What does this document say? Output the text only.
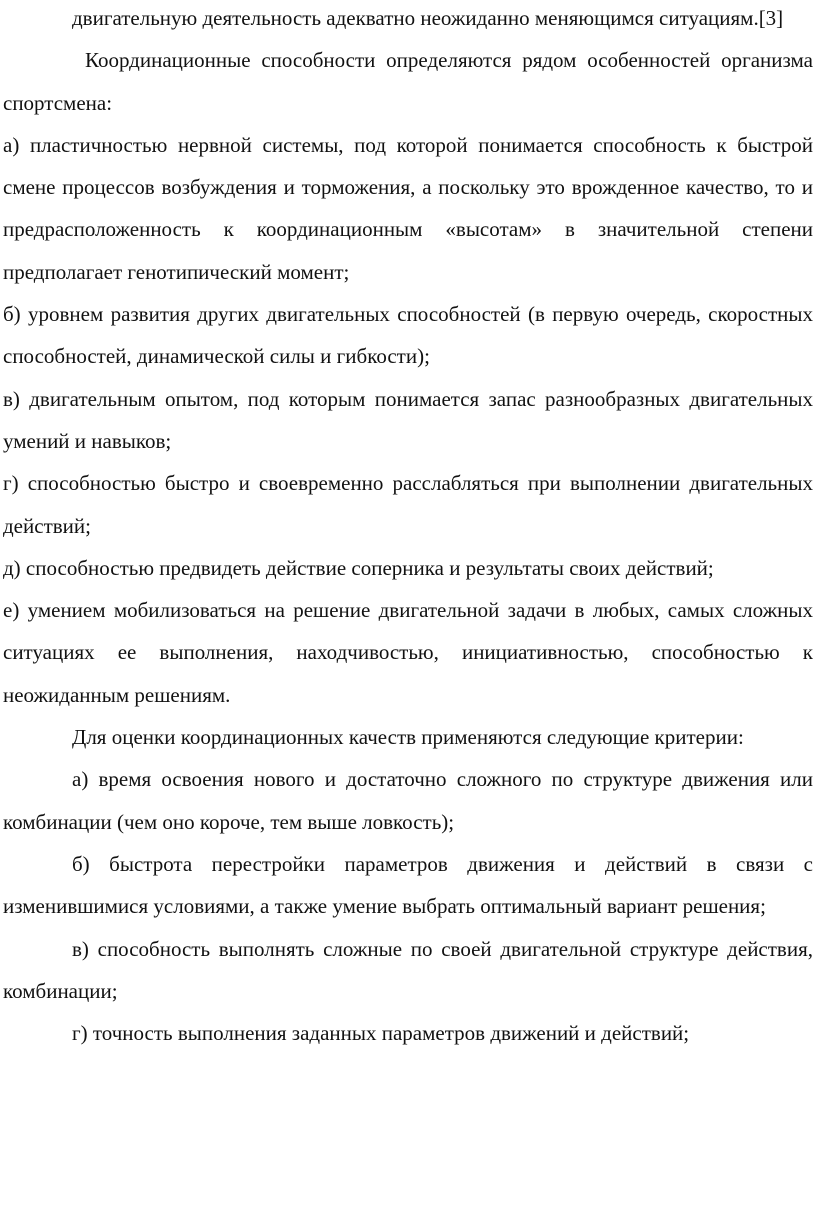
двигательную деятельность адекватно неожиданно меняющимся ситуациям.[3]

Координационные способности определяются рядом особенностей организма спортсмена:

а) пластичностью нервной системы, под которой понимается способность к быстрой смене процессов возбуждения и торможения, а поскольку это врожденное качество, то и предрасположенность к координационным «высотам» в значительной степени предполагает генотипический момент;

б) уровнем развития других двигательных способностей (в первую очередь, скоростных способностей, динамической силы и гибкости);

в) двигательным опытом, под которым понимается запас разнообразных двигательных умений и навыков;

г) способностью быстро и своевременно расслабляться при выполнении двигательных действий;

д) способностью предвидеть действие соперника и результаты своих действий;

е) умением мобилизоваться на решение двигательной задачи в любых, самых сложных ситуациях ее выполнения, находчивостью, инициативностью, способностью к неожиданным решениям.

Для оценки координационных качеств применяются следующие критерии:

а) время освоения нового и достаточно сложного по структуре движения или комбинации (чем оно короче, тем выше ловкость);

б) быстрота перестройки параметров движения и действий в связи с изменившимися условиями, а также умение выбрать оптимальный вариант решения;

в) способность выполнять сложные по своей двигательной структуре действия, комбинации;

г) точность выполнения заданных параметров движений и действий;
